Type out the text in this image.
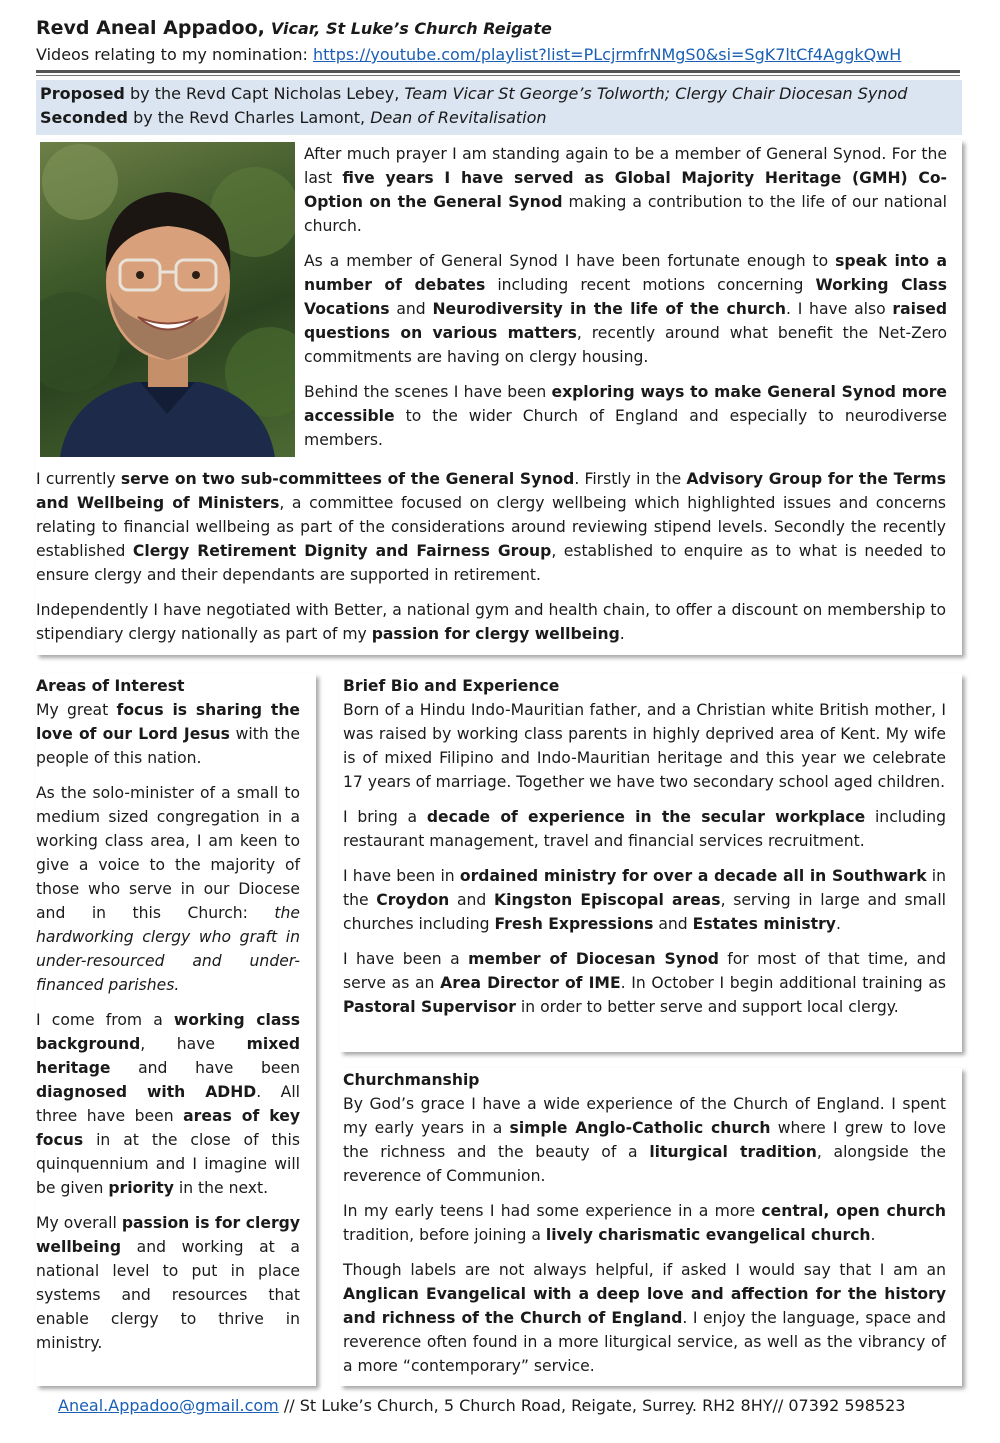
Revd Aneal Appadoo, Vicar, St Luke’s Church Reigate
Videos relating to my nomination: https://youtube.com/playlist?list=PLcjrmfrNMgS0&si=SgK7ltCf4AggkQwH
Proposed by the Revd Capt Nicholas Lebey, Team Vicar St George’s Tolworth; Clergy Chair Diocesan Synod
Seconded by the Revd Charles Lamont, Dean of Revitalisation

After much prayer I am standing again to be a member of General Synod. For the last five years I have served as Global Majority Heritage (GMH) Co-Option on the General Synod making a contribution to the life of our national church.

As a member of General Synod I have been fortunate enough to speak into a number of debates including recent motions concerning Working Class Vocations and Neurodiversity in the life of the church. I have also raised questions on various matters, recently around what benefit the Net-Zero commitments are having on clergy housing.

Behind the scenes I have been exploring ways to make General Synod more accessible to the wider Church of England and especially to neurodiverse members.

I currently serve on two sub-committees of the General Synod. Firstly in the Advisory Group for the Terms and Wellbeing of Ministers, a committee focused on clergy wellbeing which highlighted issues and concerns relating to financial wellbeing as part of the considerations around reviewing stipend levels. Secondly the recently established Clergy Retirement Dignity and Fairness Group, established to enquire as to what is needed to ensure clergy and their dependants are supported in retirement.

Independently I have negotiated with Better, a national gym and health chain, to offer a discount on membership to stipendiary clergy nationally as part of my passion for clergy wellbeing.

Areas of Interest

My great focus is sharing the love of our Lord Jesus with the people of this nation.

As the solo-minister of a small to medium sized congregation in a working class area, I am keen to give a voice to the majority of those who serve in our Diocese and in this Church: the hardworking clergy who graft in under-resourced and under-financed parishes.

I come from a working class background, have mixed heritage and have been diagnosed with ADHD. All three have been areas of key focus in at the close of this quinquennium and I imagine will be given priority in the next.

My overall passion is for clergy wellbeing and working at a national level to put in place systems and resources that enable clergy to thrive in ministry.

Brief Bio and Experience

Born of a Hindu Indo-Mauritian father, and a Christian white British mother, I was raised by working class parents in highly deprived area of Kent. My wife is of mixed Filipino and Indo-Mauritian heritage and this year we celebrate 17 years of marriage. Together we have two secondary school aged children.

I bring a decade of experience in the secular workplace including restaurant management, travel and financial services recruitment.

I have been in ordained ministry for over a decade all in Southwark in the Croydon and Kingston Episcopal areas, serving in large and small churches including Fresh Expressions and Estates ministry.

I have been a member of Diocesan Synod for most of that time, and serve as an Area Director of IME. In October I begin additional training as Pastoral Supervisor in order to better serve and support local clergy.

Churchmanship

By God’s grace I have a wide experience of the Church of England. I spent my early years in a simple Anglo-Catholic church where I grew to love the richness and the beauty of a liturgical tradition, alongside the reverence of Communion.

In my early teens I had some experience in a more central, open church tradition, before joining a lively charismatic evangelical church.

Though labels are not always helpful, if asked I would say that I am an Anglican Evangelical with a deep love and affection for the history and richness of the Church of England. I enjoy the language, space and reverence often found in a more liturgical service, as well as the vibrancy of a more “contemporary” service.

Aneal.Appadoo@gmail.com // St Luke’s Church, 5 Church Road, Reigate, Surrey. RH2 8HY// 07392 598523
